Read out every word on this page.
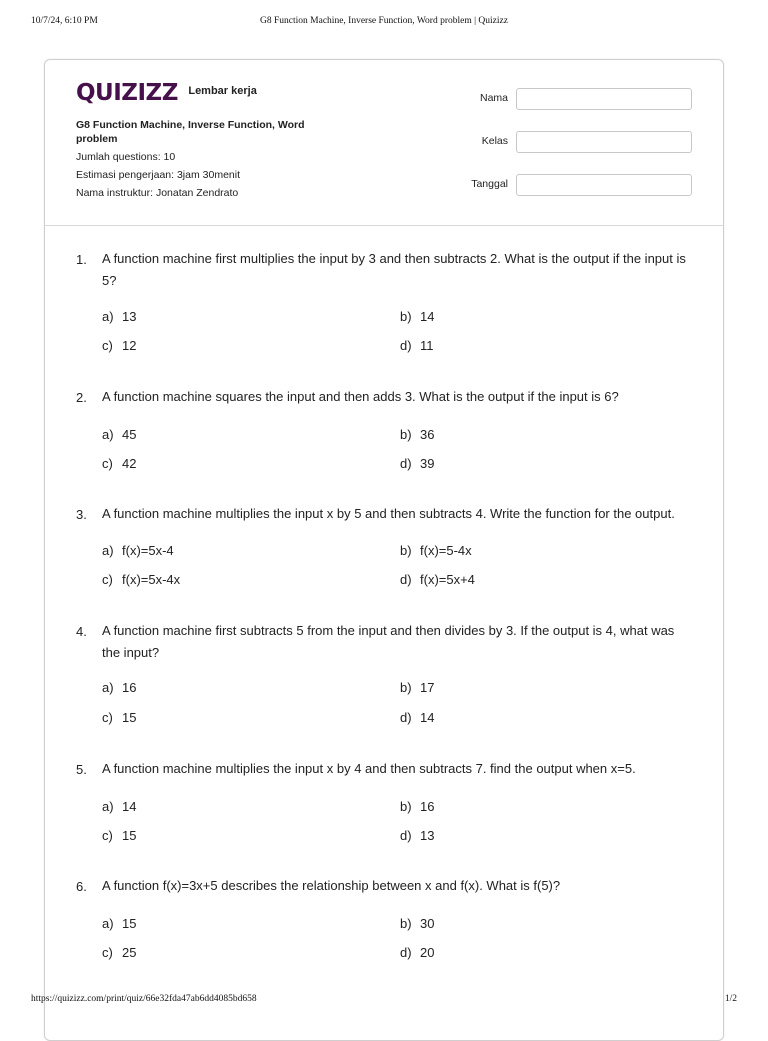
10/7/24, 6:10 PM	G8 Function Machine, Inverse Function, Word problem | Quizizz
QUIZIZZ Lembar kerja
G8 Function Machine, Inverse Function, Word problem
Jumlah questions: 10
Estimasi pengerjaan: 3jam 30menit
Nama instruktur: Jonatan Zendrato
Nama
Kelas
Tanggal
1. A function machine first multiplies the input by 3 and then subtracts 2. What is the output if the input is 5?
a) 13	b) 14
c) 12	d) 11
2. A function machine squares the input and then adds 3. What is the output if the input is 6?
a) 45	b) 36
c) 42	d) 39
3. A function machine multiplies the input x by 5 and then subtracts 4. Write the function for the output.
a) f(x)=5x-4	b) f(x)=5-4x
c) f(x)=5x-4x	d) f(x)=5x+4
4. A function machine first subtracts 5 from the input and then divides by 3. If the output is 4, what was the input?
a) 16	b) 17
c) 15	d) 14
5. A function machine multiplies the input x by 4 and then subtracts 7. find the output when x=5.
a) 14	b) 16
c) 15	d) 13
6. A function f(x)=3x+5 describes the relationship between x and f(x). What is f(5)?
a) 15	b) 30
c) 25	d) 20
https://quizizz.com/print/quiz/66e32fda47ab6dd4085bd658	1/2
